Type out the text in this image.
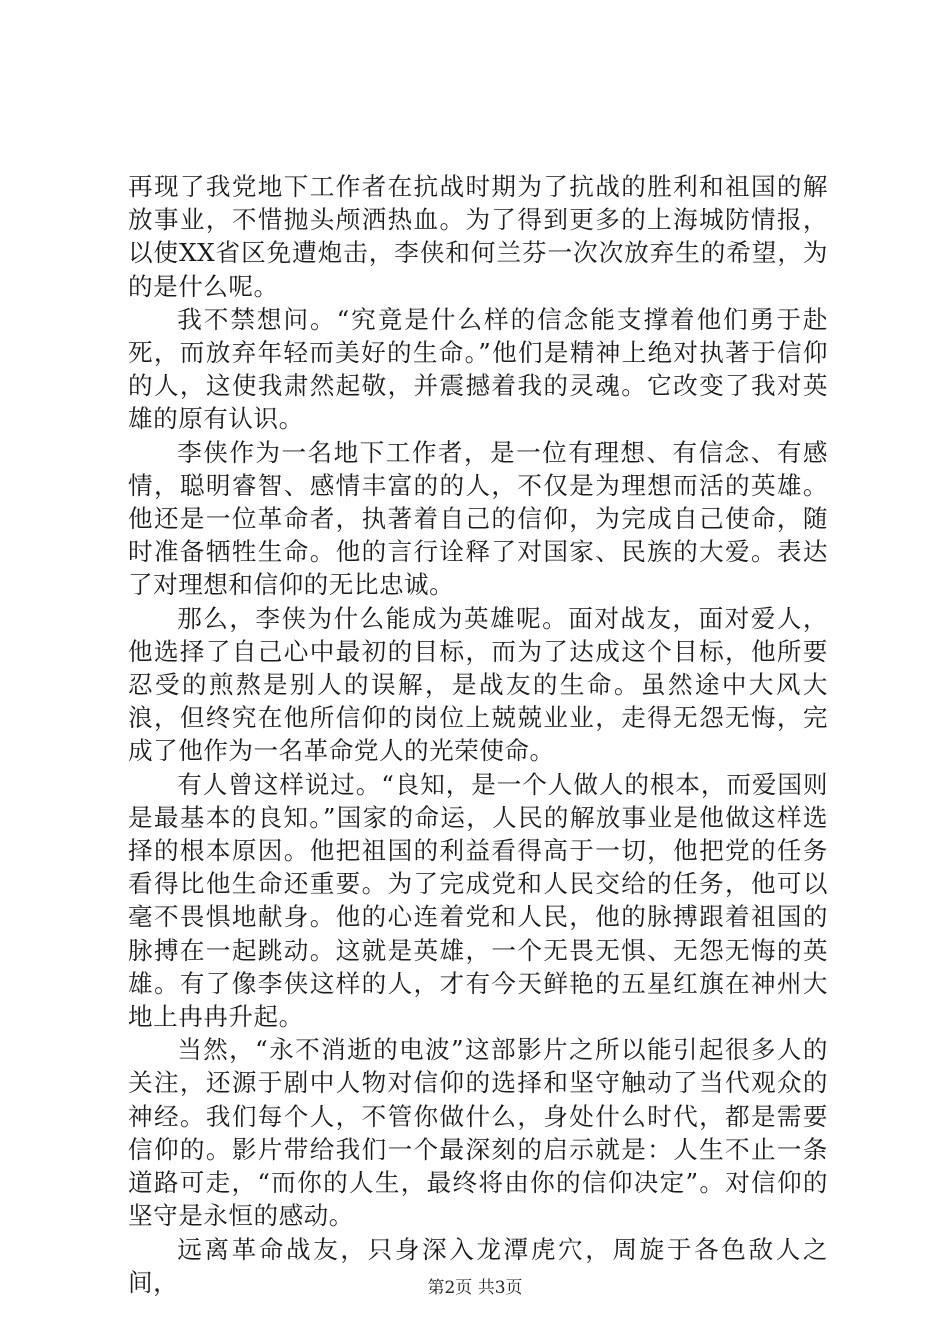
再现了我党地下工作者在抗战时期为了抗战的胜利和祖国的解放事业，不惜抛头颅洒热血。为了得到更多的上海城防情报，以使XX省区免遭炮击，李侠和何兰芬一次次放弃生的希望，为的是什么呢。

我不禁想问。“究竟是什么样的信念能支撑着他们勇于赴死，而放弃年轻而美好的生命。”他们是精神上绝对执著于信仰的人，这使我肃然起敬，并震撼着我的灵魂。它改变了我对英雄的原有认识。

李侠作为一名地下工作者，是一位有理想、有信念、有感情，聪明睿智、感情丰富的的人，不仅是为理想而活的英雄。他还是一位革命者，执著着自己的信仰，为完成自己使命，随时准备牺牲生命。他的言行诠释了对国家、民族的大爱。表达了对理想和信仰的无比忠诚。

那么，李侠为什么能成为英雄呢。面对战友，面对爱人，他选择了自己心中最初的目标，而为了达成这个目标，他所要忍受的煎熬是别人的误解，是战友的生命。虽然途中大风大浪，但终究在他所信仰的岗位上兢兢业业，走得无怨无悔，完成了他作为一名革命党人的光荣使命。

有人曾这样说过。“良知，是一个人做人的根本，而爱国则是最基本的良知。”国家的命运，人民的解放事业是他做这样选择的根本原因。他把祖国的利益看得高于一切，他把党的任务看得比他生命还重要。为了完成党和人民交给的任务，他可以毫不畏惧地献身。他的心连着党和人民，他的脉搏跟着祖国的脉搏在一起跳动。这就是英雄，一个无畏无惧、无怨无悔的英雄。有了像李侠这样的人，才有今天鲜艳的五星红旗在神州大地上冉冉升起。

当然，“永不消逝的电波”这部影片之所以能引起很多人的关注，还源于剧中人物对信仰的选择和坚守触动了当代观众的神经。我们每个人，不管你做什么，身处什么时代，都是需要信仰的。影片带给我们一个最深刻的启示就是：人生不止一条道路可走，“而你的人生，最终将由你的信仰决定”。对信仰的坚守是永恒的感动。

远离革命战友，只身深入龙潭虎穴，周旋于各色敌人之间，	第2页 共3页
